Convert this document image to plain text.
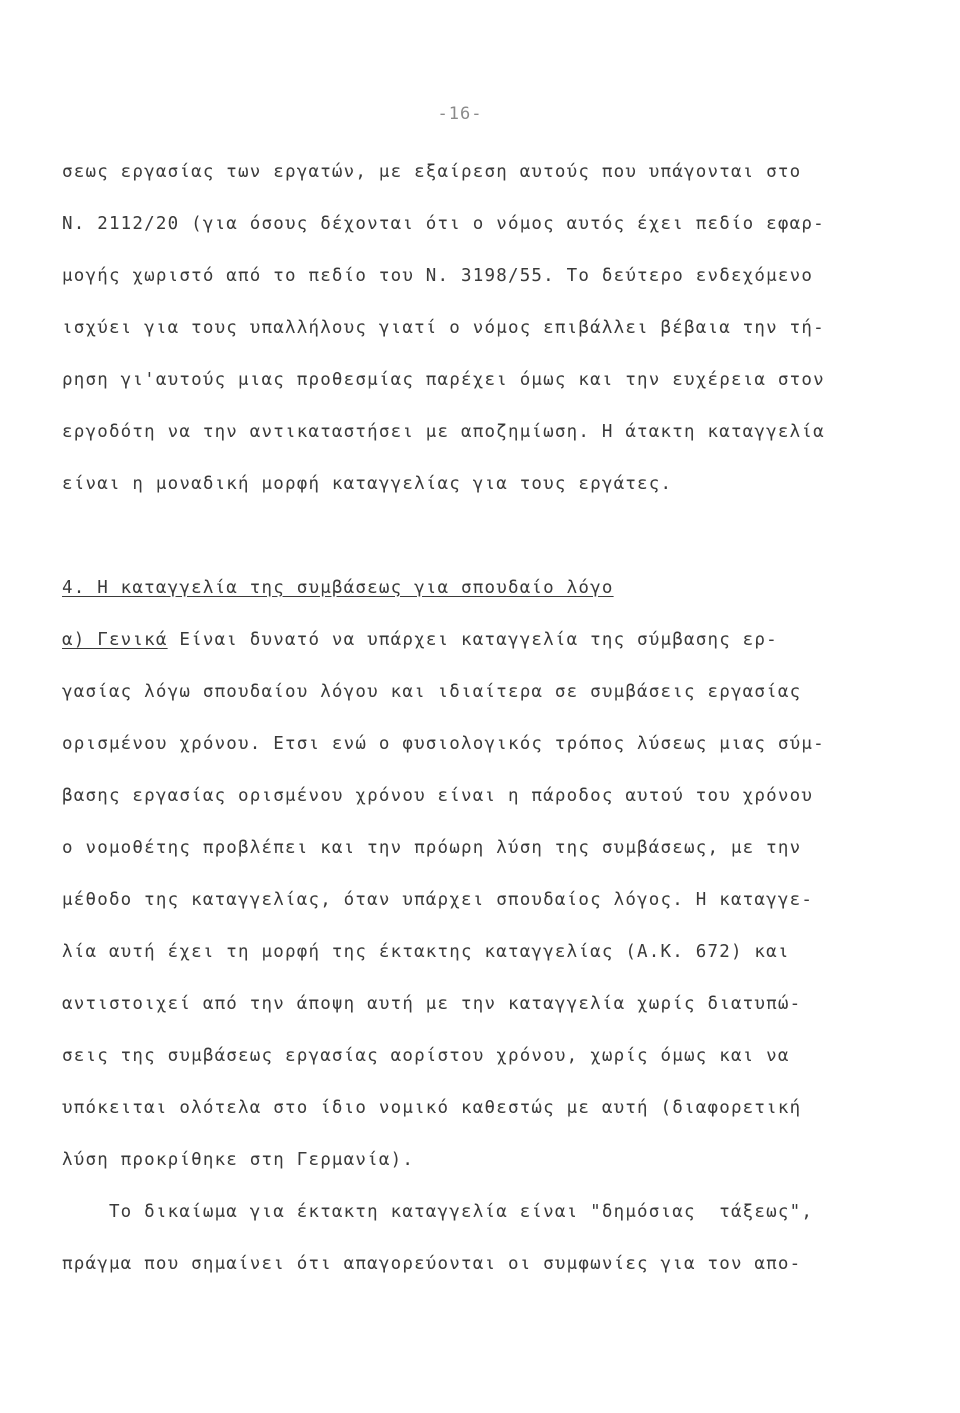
-16-
σεως εργασίας των εργατών, με εξαίρεση αυτούς που υπάγονται στο
Ν. 2112/20 (για όσους δέχονται ότι ο νόμος αυτός έχει πεδίο εφαρ-
μογής χωριστό από το πεδίο του Ν. 3198/55. Το δεύτερο ενδεχόμενο
ισχύει για τους υπαλλήλους γιατί ο νόμος επιβάλλει βέβαια την τή-
ρηση γι'αυτούς μιας προθεσμίας παρέχει όμως και την ευχέρεια στον
εργοδότη να την αντικαταστήσει με αποζημίωση. Η άτακτη καταγγελία
είναι η μοναδική μορφή καταγγελίας για τους εργάτες.
4. Η καταγγελία της συμβάσεως για σπουδαίο λόγο
α) Γενικά Είναι δυνατό να υπάρχει καταγγελία της σύμβασης ερ-
γασίας λόγω σπουδαίου λόγου και ιδιαίτερα σε συμβάσεις εργασίας
ορισμένου χρόνου. Ετσι ενώ ο φυσιολογικός τρόπος λύσεως μιας σύμ-
βασης εργασίας ορισμένου χρόνου είναι η πάροδος αυτού του χρόνου
ο νομοθέτης προβλέπει και την πρόωρη λύση της συμβάσεως, με την
μέθοδο της καταγγελίας, όταν υπάρχει σπουδαίος λόγος. Η καταγγε-
λία αυτή έχει τη μορφή της έκτακτης καταγγελίας (Α.Κ. 672) και
αντιστοιχεί από την άποψη αυτή με την καταγγελία χωρίς διατυπώ-
σεις της συμβάσεως εργασίας αορίστου χρόνου, χωρίς όμως και να
υπόκειται ολότελα στο ίδιο νομικό καθεστώς με αυτή (διαφορετική
λύση προκρίθηκε στη Γερμανία).
Το δικαίωμα για έκτακτη καταγγελία είναι "δημόσιας  τάξεως",
πράγμα που σημαίνει ότι απαγορεύονται οι συμφωνίες για τον απο-
